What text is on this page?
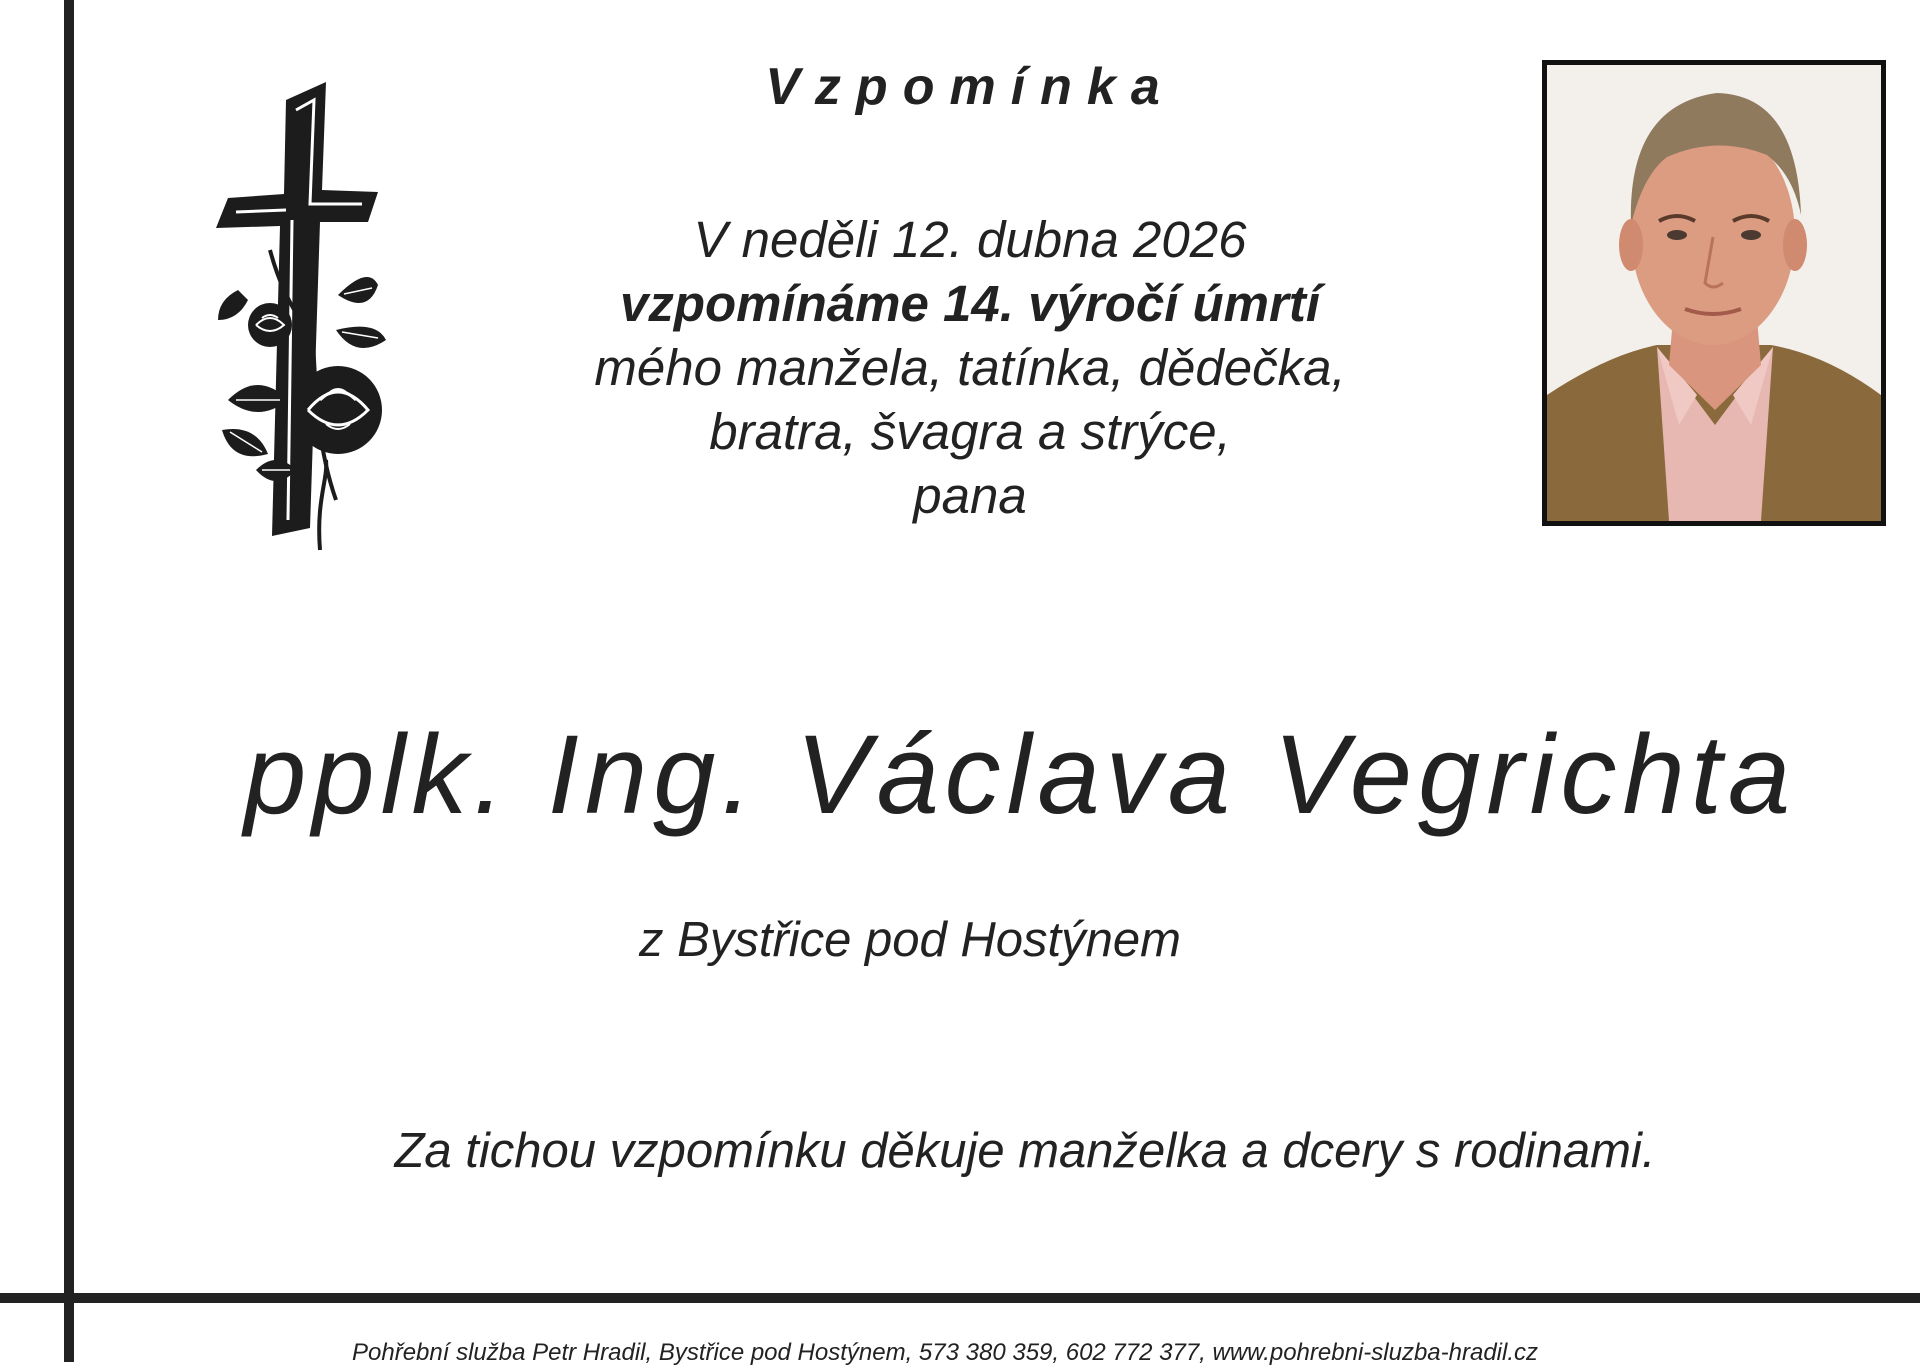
Vzpomínka
V neděli 12. dubna 2026
vzpomínáme 14. výročí úmrtí
mého manžela, tatínka, dědečka,
bratra, švagra a strýce,
pana
pplk. Ing. Václava Vegrichta
z Bystřice pod Hostýnem
Za tichou vzpomínku děkuje manželka a dcery s rodinami.
Pohřební služba Petr Hradil, Bystřice pod Hostýnem, 573 380 359, 602 772 377, www.pohrebni-sluzba-hradil.cz
